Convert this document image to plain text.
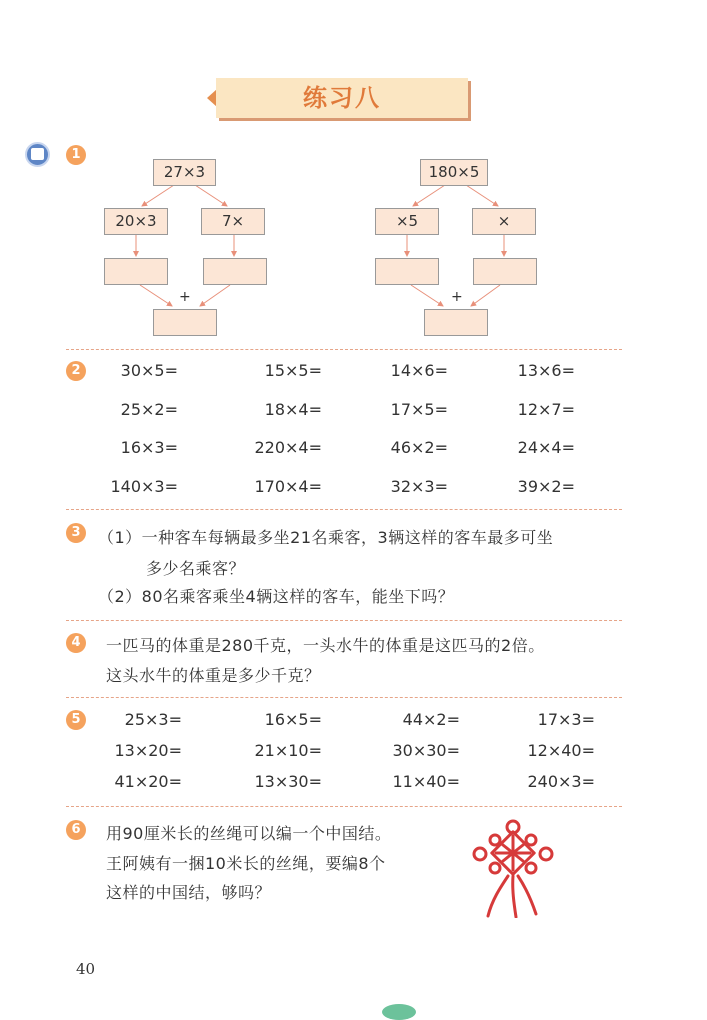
练习八
1
27×3
20×3	7×
+
180×5
×5	×
+
2	30×5=	15×5=	14×6=	13×6=
25×2=	18×4=	17×5=	12×7=
16×3=	220×4=	46×2=	24×4=
140×3=	170×4=	32×3=	39×2=
3	（1）一种客车每辆最多坐21名乘客，3辆这样的客车最多可坐
多少名乘客？
（2）80名乘客乘坐4辆这样的客车，能坐下吗？
4	一匹马的体重是280千克，一头水牛的体重是这匹马的2倍。
这头水牛的体重是多少千克？
5	25×3=	16×5=	44×2=	17×3=
13×20=	21×10=	30×30=	12×40=
41×20=	13×30=	11×40=	240×3=
6	用90厘米长的丝绳可以编一个中国结。
王阿姨有一捆10米长的丝绳，要编8个
这样的中国结，够吗？
40
